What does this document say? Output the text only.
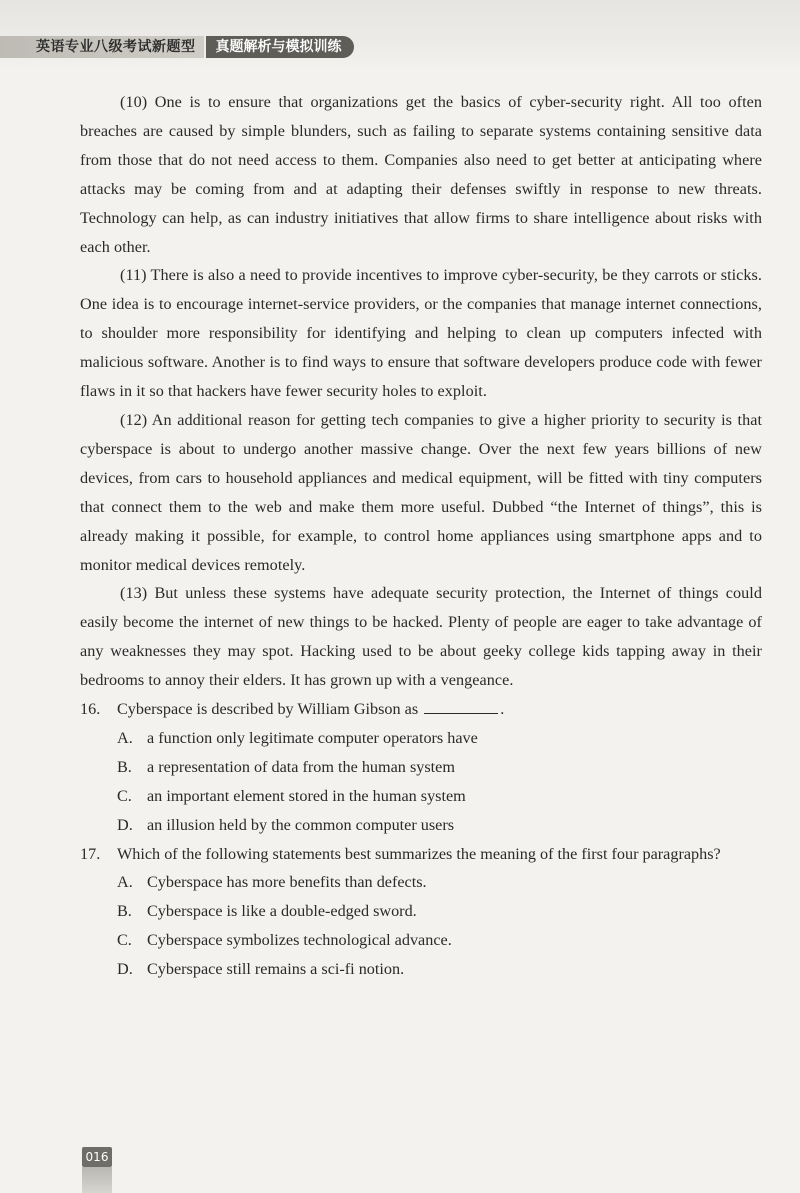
英语专业八级考试新题型	真题解析与模拟训练

(10) One is to ensure that organizations get the basics of cyber-security right. All too often breaches are caused by simple blunders, such as failing to separate systems containing sensitive data from those that do not need access to them. Companies also need to get better at anticipating where attacks may be coming from and at adapting their defenses swiftly in response to new threats. Technology can help, as can industry initiatives that allow firms to share intelligence about risks with each other.

(11) There is also a need to provide incentives to improve cyber-security, be they carrots or sticks. One idea is to encourage internet-service providers, or the companies that manage internet connections, to shoulder more responsibility for identifying and helping to clean up computers infected with malicious software. Another is to find ways to ensure that software developers produce code with fewer flaws in it so that hackers have fewer security holes to exploit.

(12) An additional reason for getting tech companies to give a higher priority to security is that cyberspace is about to undergo another massive change. Over the next few years billions of new devices, from cars to household appliances and medical equipment, will be fitted with tiny computers that connect them to the web and make them more useful. Dubbed “the Internet of things”, this is already making it possible, for example, to control home appliances using smartphone apps and to monitor medical devices remotely.

(13) But unless these systems have adequate security protection, the Internet of things could easily become the internet of new things to be hacked. Plenty of people are eager to take advantage of any weaknesses they may spot. Hacking used to be about geeky college kids tapping away in their bedrooms to annoy their elders. It has grown up with a vengeance.

16. Cyberspace is described by William Gibson as	.

A. a function only legitimate computer operators have
B. a representation of data from the human system
C. an important element stored in the human system
D. an illusion held by the common computer users

17. Which of the following statements best summarizes the meaning of the first four paragraphs?

A. Cyberspace has more benefits than defects.
B. Cyberspace is like a double-edged sword.
C. Cyberspace symbolizes technological advance.
D. Cyberspace still remains a sci-fi notion.
016
